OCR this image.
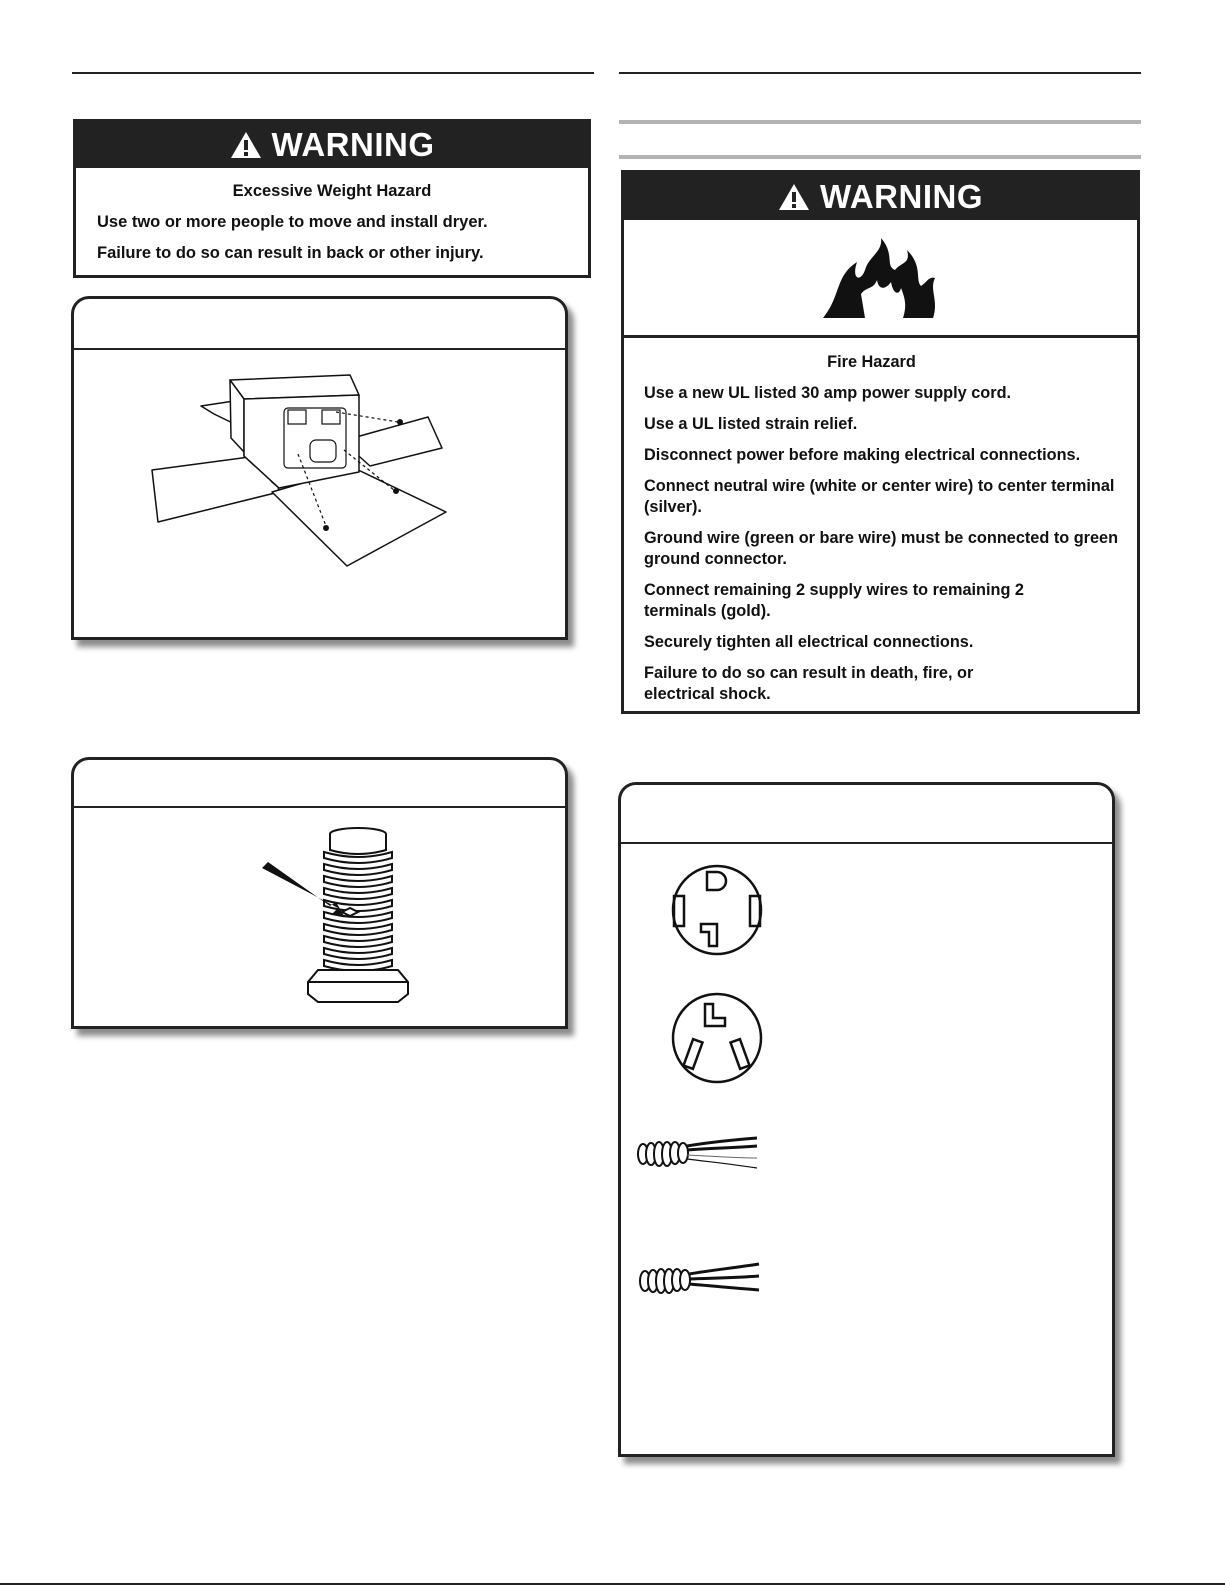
WARNING

Excessive Weight Hazard

Use two or more people to move and install dryer.

Failure to do so can result in back or other injury.

WARNING

Fire Hazard

Use a new UL listed 30 amp power supply cord.

Use a UL listed strain relief.

Disconnect power before making electrical connections.

Connect neutral wire (white or center wire) to center terminal (silver).

Ground wire (green or bare wire) must be connected to green ground connector.

Connect remaining 2 supply wires to remaining 2 terminals (gold).

Securely tighten all electrical connections.

Failure to do so can result in death, fire, or electrical shock.
